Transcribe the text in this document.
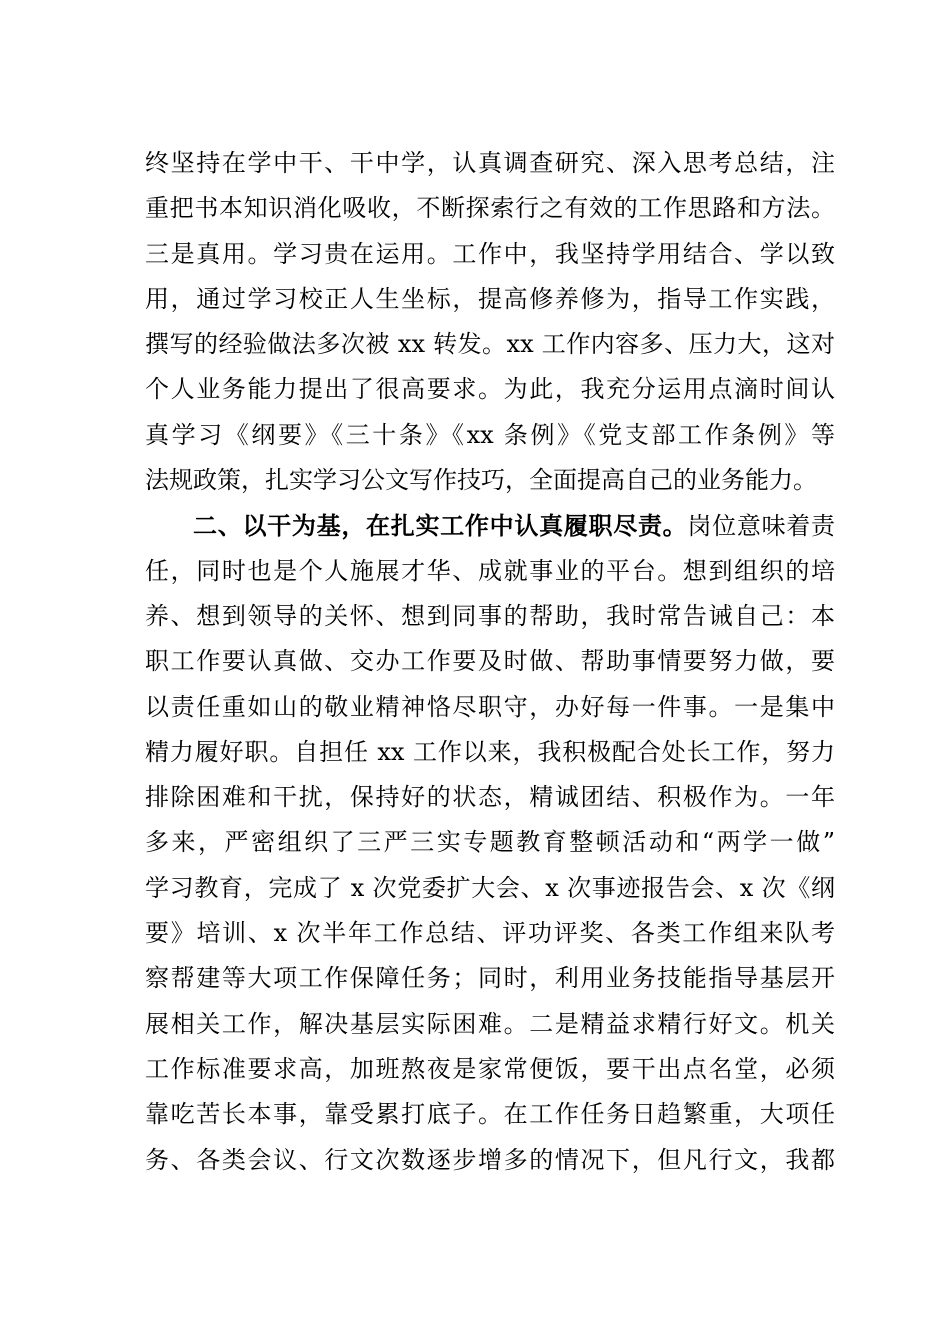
终坚持在学中干、干中学，认真调查研究、深入思考总结，注
重把书本知识消化吸收，不断探索行之有效的工作思路和方法。
三是真用。学习贵在运用。工作中，我坚持学用结合、学以致
用，通过学习校正人生坐标，提高修养修为，指导工作实践，
撰写的经验做法多次被 xx 转发。xx 工作内容多、压力大，这对
个人业务能力提出了很高要求。为此，我充分运用点滴时间认
真学习《纲要》《三十条》《xx 条例》《党支部工作条例》等
法规政策，扎实学习公文写作技巧，全面提高自己的业务能力。
二、以干为基，在扎实工作中认真履职尽责。岗位意味着责
任，同时也是个人施展才华、成就事业的平台。想到组织的培
养、想到领导的关怀、想到同事的帮助，我时常告诫自己：本
职工作要认真做、交办工作要及时做、帮助事情要努力做，要
以责任重如山的敬业精神恪尽职守，办好每一件事。一是集中
精力履好职。自担任 xx 工作以来，我积极配合处长工作，努力
排除困难和干扰，保持好的状态，精诚团结、积极作为。一年
多来，严密组织了三严三实专题教育整顿活动和“两学一做”
学习教育，完成了 x 次党委扩大会、x 次事迹报告会、x 次《纲
要》培训、x 次半年工作总结、评功评奖、各类工作组来队考
察帮建等大项工作保障任务；同时，利用业务技能指导基层开
展相关工作，解决基层实际困难。二是精益求精行好文。机关
工作标准要求高，加班熬夜是家常便饭，要干出点名堂，必须
靠吃苦长本事，靠受累打底子。在工作任务日趋繁重，大项任
务、各类会议、行文次数逐步增多的情况下，但凡行文，我都
